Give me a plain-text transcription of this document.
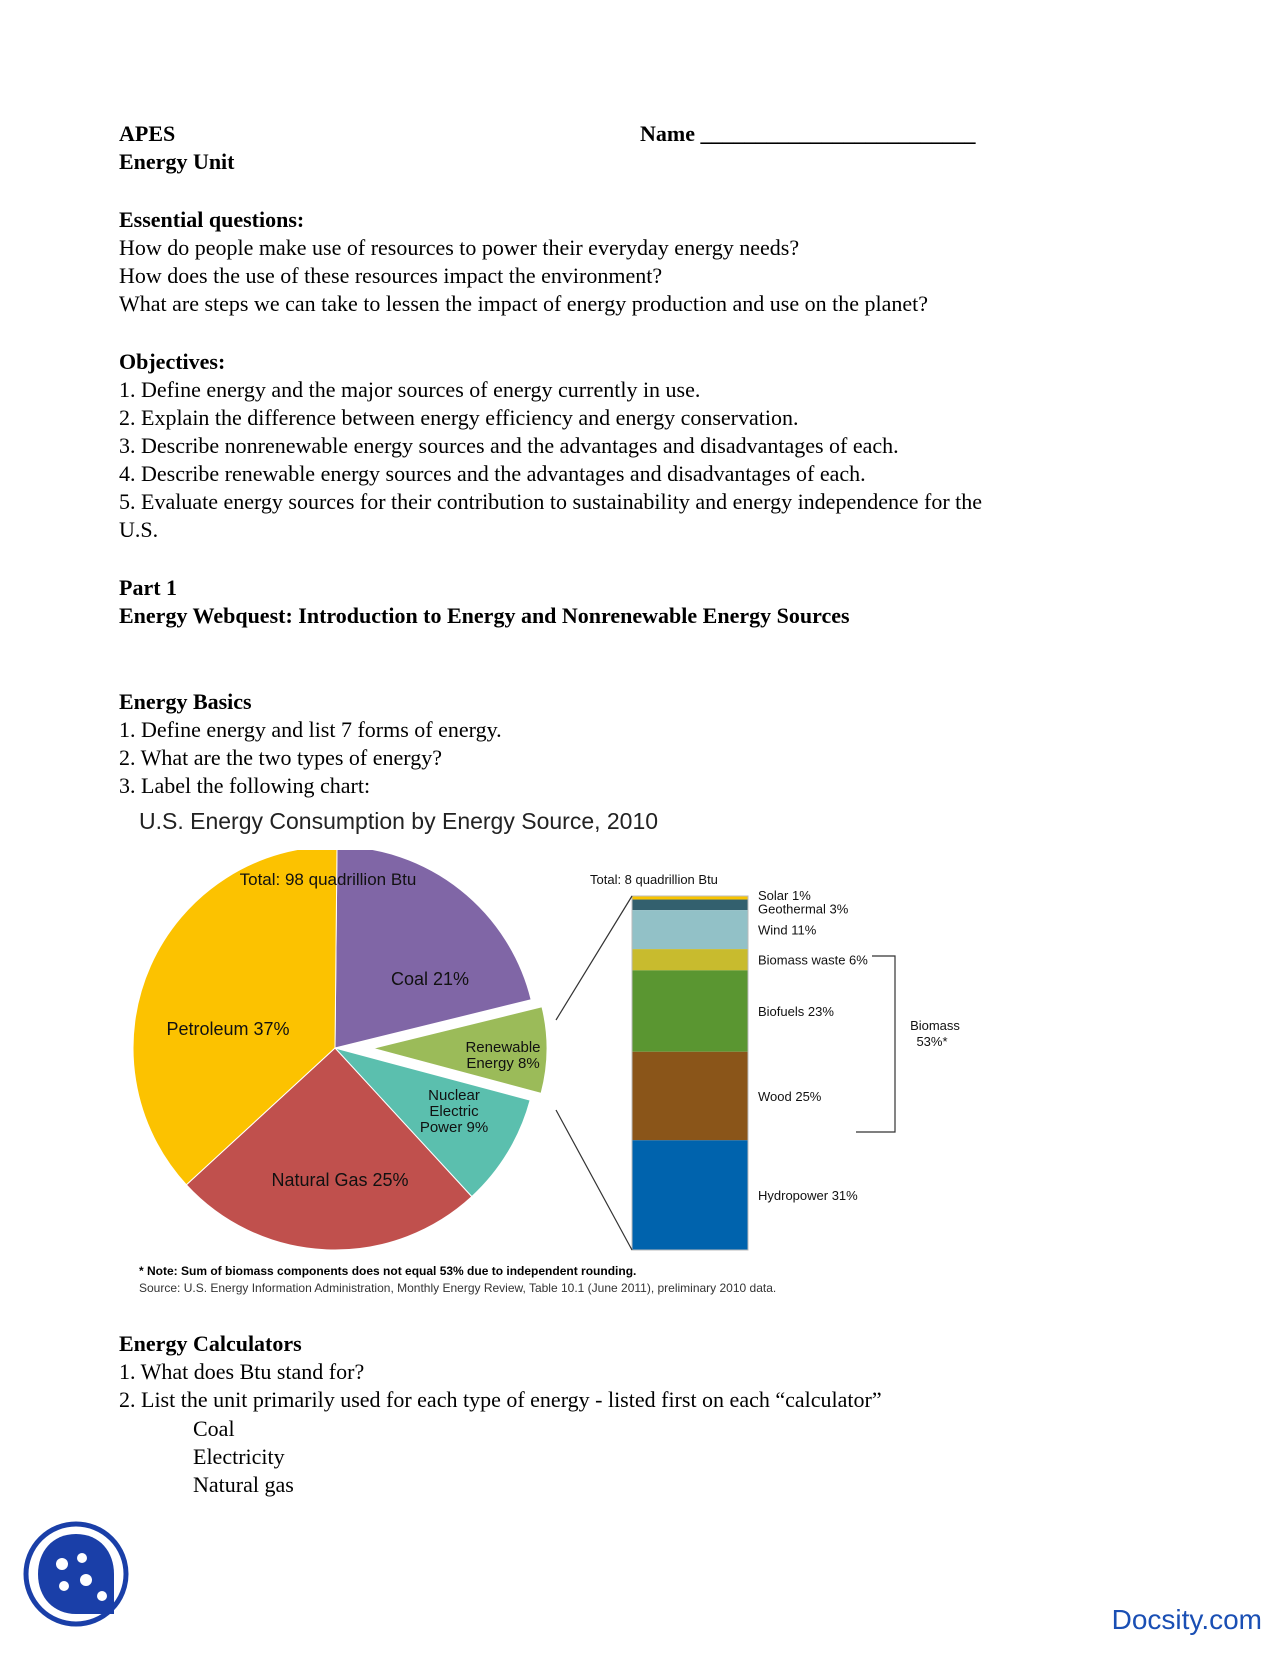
APES	Name _________________________

Energy Unit

Essential questions:

How do people make use of resources to power their everyday energy needs?

How does the use of these resources impact the environment?

What are steps we can take to lessen the impact of energy production and use on the planet?

Objectives:

1. Define energy and the major sources of energy currently in use.

2. Explain the difference between energy efficiency and energy conservation.

3. Describe nonrenewable energy sources and the advantages and disadvantages of each.

4. Describe renewable energy sources and the advantages and disadvantages of each.

5. Evaluate energy sources for their contribution to sustainability and energy independence for the

U.S.

Part 1

Energy Webquest: Introduction to Energy and Nonrenewable Energy Sources

Energy Basics

1. Define energy and list 7 forms of energy.

2. What are the two types of energy?

3. Label the following chart:

U.S. Energy Consumption by Energy Source, 2010
Coal 21%
Renewable
Energy 8%
Nuclear
Electric
Power 9%
Natural Gas 25%
Petroleum 37%
Total: 98 quadrillion Btu
Solar 1%
Geothermal 3%
Wind 11%
Biomass waste 6%
Biofuels 23%
Wood 25%
Hydropower 31%
Total: 8 quadrillion Btu
Biomass
53%*
* Note: Sum of biomass components does not equal 53% due to independent rounding.
Source: U.S. Energy Information Administration, Monthly Energy Review, Table 10.1 (June 2011), preliminary 2010 data.

Energy Calculators

1. What does Btu stand for?

2. List the unit primarily used for each type of energy - listed first on each “calculator”

Coal

Electricity

Natural gas

Docsity.com
